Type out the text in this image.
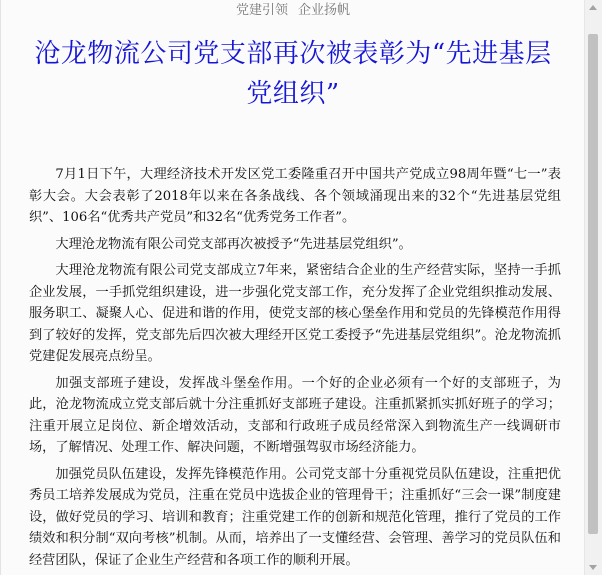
党建引领 企业扬帆
沧龙物流公司党支部再次被表彰为“先进基层党组织”

7月1日下午，大理经济技术开发区党工委隆重召开中国共产党成立98周年暨“七一”表彰大会。大会表彰了2018年以来在各条战线、各个领域涌现出来的32个“先进基层党组织”、106名“优秀共产党员”和32名“优秀党务工作者”。

大理沧龙物流有限公司党支部再次被授予“先进基层党组织”。

大理沧龙物流有限公司党支部成立7年来，紧密结合企业的生产经营实际，坚持一手抓企业发展，一手抓党组织建设，进一步强化党支部工作，充分发挥了企业党组织推动发展、服务职工、凝聚人心、促进和谐的作用，使党支部的核心堡垒作用和党员的先锋模范作用得到了较好的发挥，党支部先后四次被大理经开区党工委授予“先进基层党组织”。沧龙物流抓党建促发展亮点纷呈。

加强支部班子建设，发挥战斗堡垒作用。一个好的企业必须有一个好的支部班子，为此，沧龙物流成立党支部后就十分注重抓好支部班子建设。注重抓紧抓实抓好班子的学习；注重开展立足岗位、新企增效活动，支部和行政班子成员经常深入到物流生产一线调研市场，了解情况、处理工作、解决问题，不断增强驾驭市场经济能力。

加强党员队伍建设，发挥先锋模范作用。公司党支部十分重视党员队伍建设，注重把优秀员工培养发展成为党员，注重在党员中选拔企业的管理骨干；注重抓好“三会一课”制度建设，做好党员的学习、培训和教育；注重党建工作的创新和规范化管理，推行了党员的工作绩效和积分制“双向考核”机制。从而，培养出了一支懂经营、会管理、善学习的党员队伍和经营团队，保证了企业生产经营和各项工作的顺利开展。
